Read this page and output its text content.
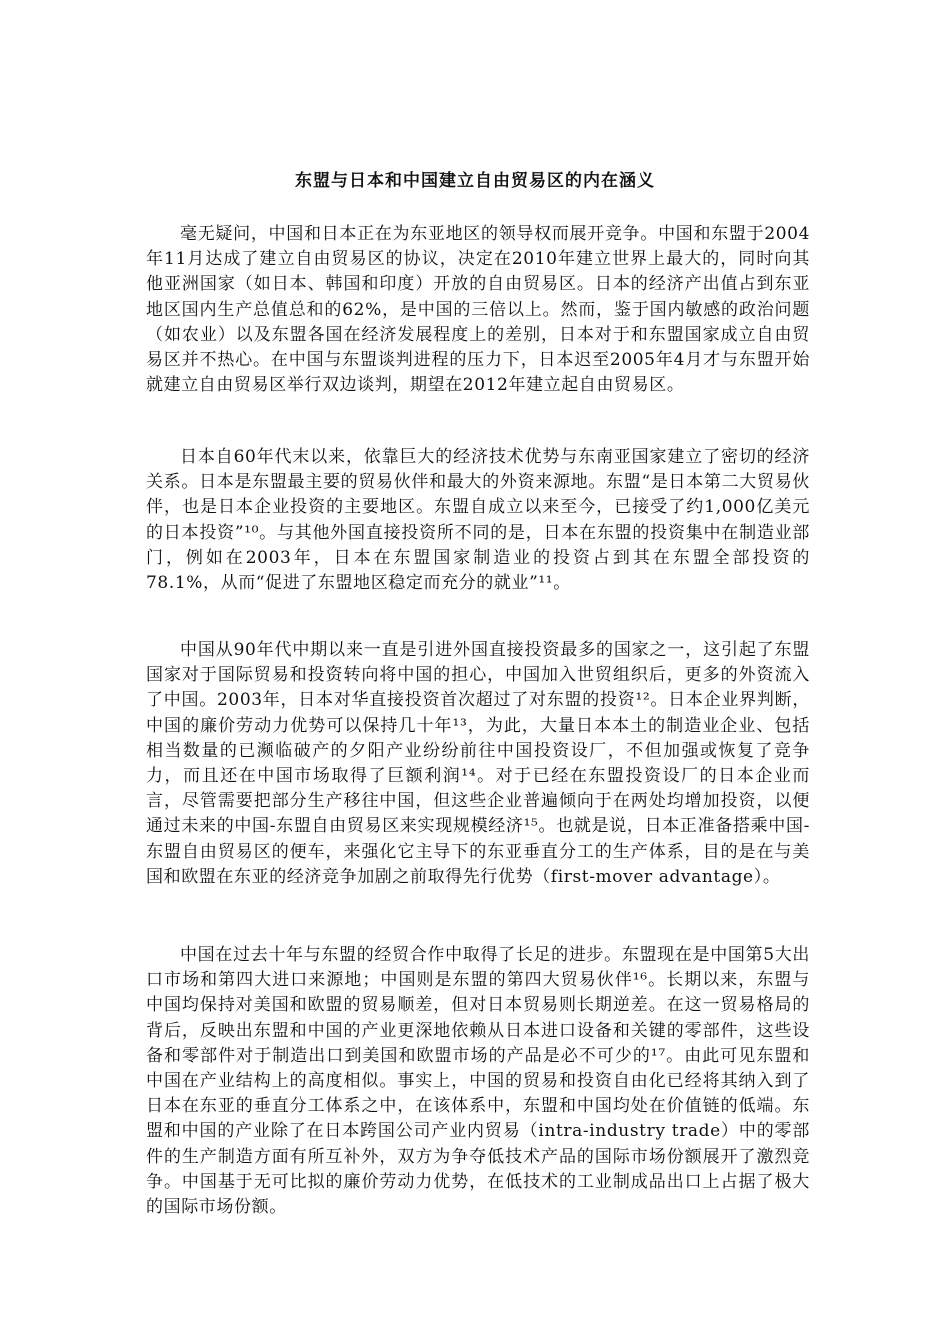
东盟与日本和中国建立自由贸易区的内在涵义

毫无疑问，中国和日本正在为东亚地区的领导权而展开竞争。中国和东盟于2004年11月达成了建立自由贸易区的协议，决定在2010年建立世界上最大的，同时向其他亚洲国家（如日本、韩国和印度）开放的自由贸易区。日本的经济产出值占到东亚地区国内生产总值总和的62%，是中国的三倍以上。然而，鉴于国内敏感的政治问题（如农业）以及东盟各国在经济发展程度上的差别，日本对于和东盟国家成立自由贸易区并不热心。在中国与东盟谈判进程的压力下，日本迟至2005年4月才与东盟开始就建立自由贸易区举行双边谈判，期望在2012年建立起自由贸易区。

日本自60年代末以来，依靠巨大的经济技术优势与东南亚国家建立了密切的经济关系。日本是东盟最主要的贸易伙伴和最大的外资来源地。东盟“是日本第二大贸易伙伴，也是日本企业投资的主要地区。东盟自成立以来至今，已接受了约1,000亿美元的日本投资”¹⁰。与其他外国直接投资所不同的是，日本在东盟的投资集中在制造业部门，例如在2003年，日本在东盟国家制造业的投资占到其在东盟全部投资的78.1%，从而“促进了东盟地区稳定而充分的就业”¹¹。

中国从90年代中期以来一直是引进外国直接投资最多的国家之一，这引起了东盟国家对于国际贸易和投资转向将中国的担心，中国加入世贸组织后，更多的外资流入了中国。2003年，日本对华直接投资首次超过了对东盟的投资¹²。日本企业界判断，中国的廉价劳动力优势可以保持几十年¹³，为此，大量日本本土的制造业企业、包括相当数量的已濒临破产的夕阳产业纷纷前往中国投资设厂，不但加强或恢复了竞争力，而且还在中国市场取得了巨额利润¹⁴。对于已经在东盟投资设厂的日本企业而言，尽管需要把部分生产移往中国，但这些企业普遍倾向于在两处均增加投资，以便通过未来的中国-东盟自由贸易区来实现规模经济¹⁵。也就是说，日本正准备搭乘中国-东盟自由贸易区的便车，来强化它主导下的东亚垂直分工的生产体系，目的是在与美国和欧盟在东亚的经济竞争加剧之前取得先行优势（first-mover advantage）。

中国在过去十年与东盟的经贸合作中取得了长足的进步。东盟现在是中国第5大出口市场和第四大进口来源地；中国则是东盟的第四大贸易伙伴¹⁶。长期以来，东盟与中国均保持对美国和欧盟的贸易顺差，但对日本贸易则长期逆差。在这一贸易格局的背后，反映出东盟和中国的产业更深地依赖从日本进口设备和关键的零部件，这些设备和零部件对于制造出口到美国和欧盟市场的产品是必不可少的¹⁷。由此可见东盟和中国在产业结构上的高度相似。事实上，中国的贸易和投资自由化已经将其纳入到了日本在东亚的垂直分工体系之中，在该体系中，东盟和中国均处在价值链的低端。东盟和中国的产业除了在日本跨国公司产业内贸易（intra-industry trade）中的零部件的生产制造方面有所互补外，双方为争夺低技术产品的国际市场份额展开了激烈竞争。中国基于无可比拟的廉价劳动力优势，在低技术的工业制成品出口上占据了极大的国际市场份额。
